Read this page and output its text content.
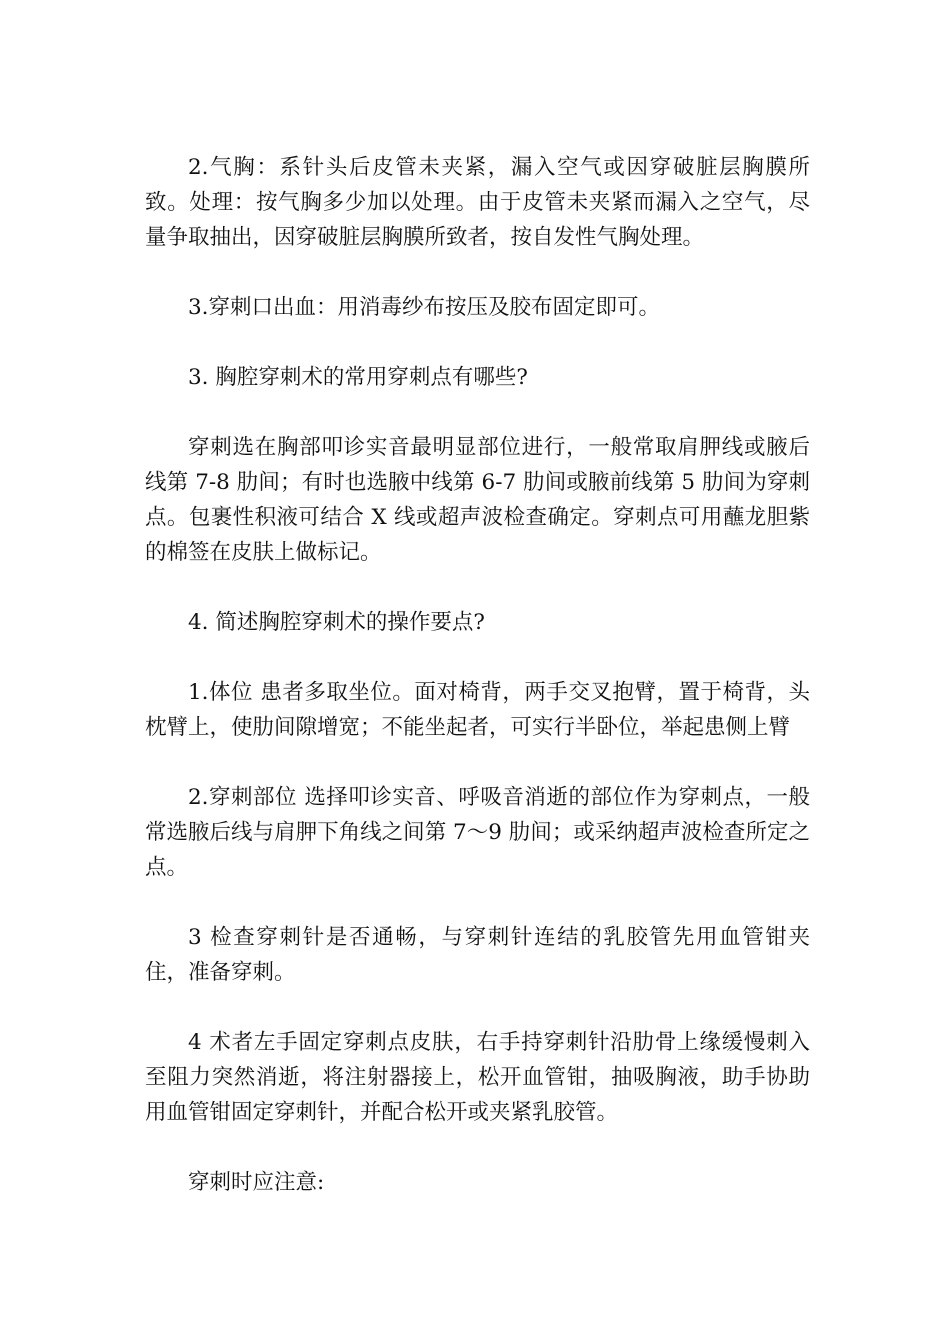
2.气胸：系针头后皮管未夹紧，漏入空气或因穿破脏层胸膜所致。处理：按气胸多少加以处理。由于皮管未夹紧而漏入之空气，尽量争取抽出，因穿破脏层胸膜所致者，按自发性气胸处理。

3.穿刺口出血：用消毒纱布按压及胶布固定即可。

3. 胸腔穿刺术的常用穿刺点有哪些?

穿刺选在胸部叩诊实音最明显部位进行，一般常取肩胛线或腋后线第 7-8 肋间；有时也选腋中线第 6-7 肋间或腋前线第 5 肋间为穿刺点。包裹性积液可结合 X 线或超声波检查确定。穿刺点可用蘸龙胆紫的棉签在皮肤上做标记。

4. 简述胸腔穿刺术的操作要点?

1.体位 患者多取坐位。面对椅背，两手交叉抱臂，置于椅背，头枕臂上，使肋间隙增宽；不能坐起者，可实行半卧位，举起患侧上臂

2.穿刺部位 选择叩诊实音、呼吸音消逝的部位作为穿刺点，一般常选腋后线与肩胛下角线之间第 7～9 肋间；或采纳超声波检查所定之点。

3 检查穿刺针是否通畅，与穿刺针连结的乳胶管先用血管钳夹住，准备穿刺。

4 术者左手固定穿刺点皮肤，右手持穿刺针沿肋骨上缘缓慢刺入至阻力突然消逝，将注射器接上，松开血管钳，抽吸胸液，助手协助用血管钳固定穿刺针，并配合松开或夹紧乳胶管。

穿刺时应注意:
